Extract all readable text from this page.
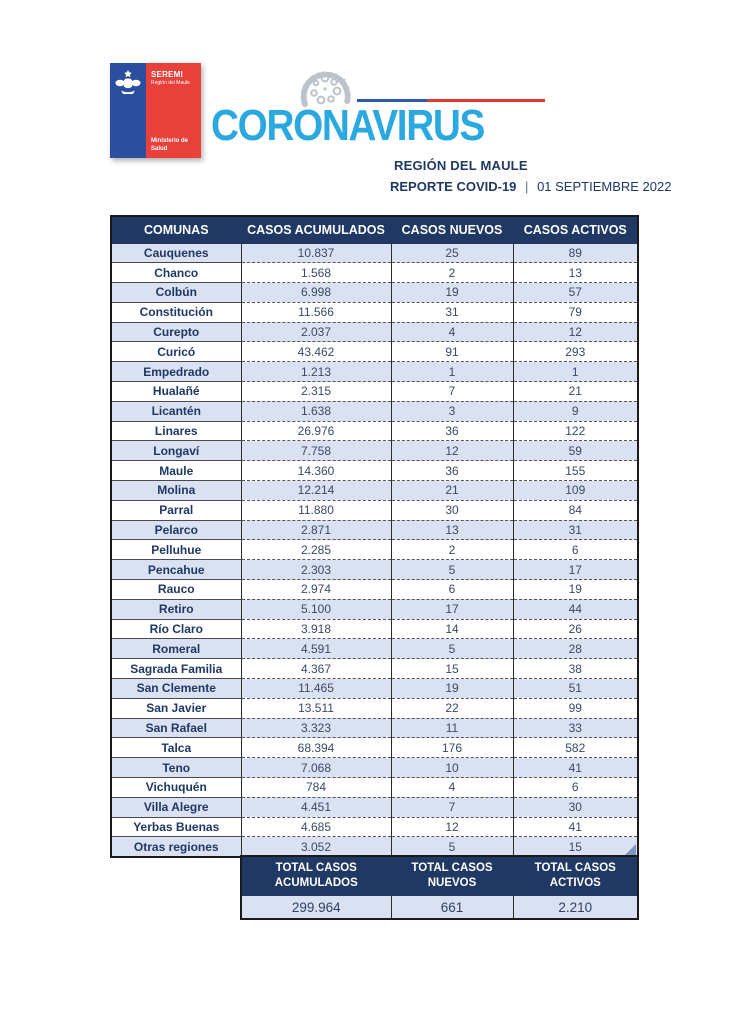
SEREMI
Región del Maule
Ministerio de Salud CORONAVIRUS
REGIÓN DEL MAULE
REPORTE COVID-19 | 01 SEPTIEMBRE 2022
COMUNAS	CASOS ACUMULADOS	CASOS NUEVOS	CASOS ACTIVOS
Cauquenes	10.837	25	89
Chanco	1.568	2	13
Colbún	6.998	19	57
Constitución	11.566	31	79
Curepto	2.037	4	12
Curicó	43.462	91	293
Empedrado	1.213	1	1
Hualañé	2.315	7	21
Licantén	1.638	3	9
Linares	26.976	36	122
Longaví	7.758	12	59
Maule	14.360	36	155
Molina	12.214	21	109
Parral	11.880	30	84
Pelarco	2.871	13	31
Pelluhue	2.285	2	6
Pencahue	2.303	5	17
Rauco	2.974	6	19
Retiro	5.100	17	44
Río Claro	3.918	14	26
Romeral	4.591	5	28
Sagrada Familia	4.367	15	38
San Clemente	11.465	19	51
San Javier	13.511	22	99
San Rafael	3.323	11	33
Talca	68.394	176	582
Teno	7.068	10	41
Vichuquén	784	4	6
Villa Alegre	4.451	7	30
Yerbas Buenas	4.685	12	41
Otras regiones	3.052	5	15
TOTAL CASOS
ACUMULADOS

TOTAL CASOS
NUEVOS

TOTAL CASOS
ACTIVOS

299.964	661	2.210
